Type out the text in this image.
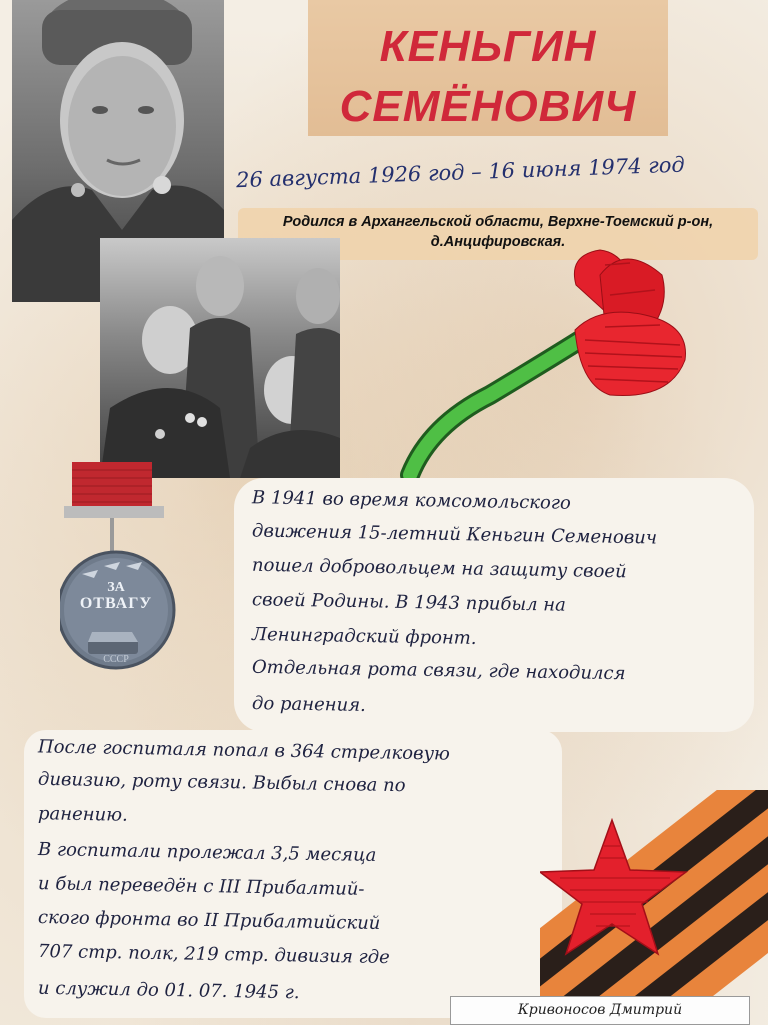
КЕНЬГИН
СЕМЁНОВИЧ
26 августа 1926 год – 16 июня 1974 год
Родился в Архангельской области, Верхне-Тоемский р-он,
д.Анцифировская.
ЗА
ОТВАГУ
СССР
В 1941 во время комсомольского
движения 15-летний Кеньгин Семенович
пошел добровольцем на защиту своей
своей Родины. В 1943 прибыл на
Ленинградский фронт.
Отдельная рота связи, где находился
до ранения.
После госпиталя попал в 364 стрелковую
дивизию, роту связи. Выбыл снова по
ранению.
В госпитали пролежал 3,5 месяца
и был переведён с III Прибалтий-
ского фронта во II Прибалтийский
707 стр. полк, 219 стр. дивизия где
и служил до 01. 07. 1945 г.
Кривоносов Дмитрий
